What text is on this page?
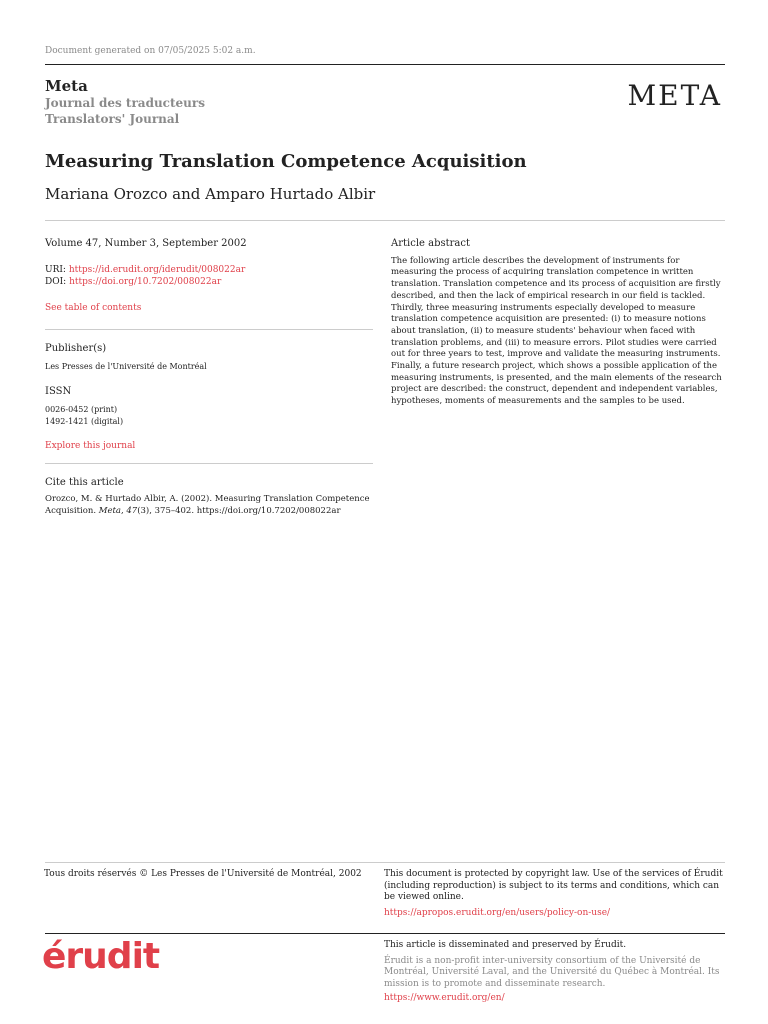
Document generated on 07/05/2025 5:02 a.m.
Meta
Journal des traducteurs
Translators' Journal
MΕTA
Measuring Translation Competence Acquisition
Mariana Orozco and Amparo Hurtado Albir
Volume 47, Number 3, September 2002
URI: https://id.erudit.org/iderudit/008022ar
DOI: https://doi.org/10.7202/008022ar
See table of contents
Publisher(s)
Les Presses de l'Université de Montréal
ISSN
0026-0452 (print)
1492-1421 (digital)
Explore this journal
Cite this article
Orozco, M. & Hurtado Albir, A. (2002). Measuring Translation Competence Acquisition. Meta, 47(3), 375–402. https://doi.org/10.7202/008022ar
Article abstract
The following article describes the development of instruments for measuring the process of acquiring translation competence in written translation. Translation competence and its process of acquisition are firstly described, and then the lack of empirical research in our field is tackled. Thirdly, three measuring instruments especially developed to measure translation competence acquisition are presented: (i) to measure notions about translation, (ii) to measure students' behaviour when faced with translation problems, and (iii) to measure errors. Pilot studies were carried out for three years to test, improve and validate the measuring instruments. Finally, a future research project, which shows a possible application of the measuring instruments, is presented, and the main elements of the research project are described: the construct, dependent and independent variables, hypotheses, moments of measurements and the samples to be used.
Tous droits réservés © Les Presses de l'Université de Montréal, 2002 This document is protected by copyright law. Use of the services of Érudit (including reproduction) is subject to its terms and conditions, which can be viewed online.
https://apropos.erudit.org/en/users/policy-on-use/
érudit	This article is disseminated and preserved by Érudit.
Érudit is a non-profit inter-university consortium of the Université de Montréal, Université Laval, and the Université du Québec à Montréal. Its mission is to promote and disseminate research.
https://www.erudit.org/en/
